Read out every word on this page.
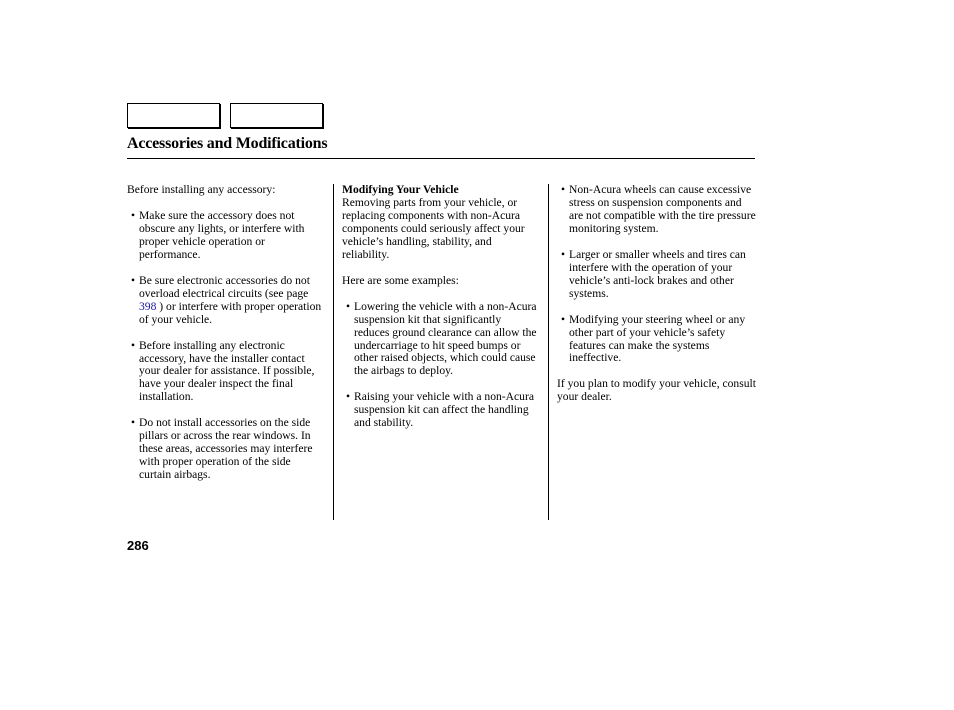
Accessories and Modifications

Before installing any accessory:

• Make sure the accessory does not obscure any lights, or interfere with proper vehicle operation or performance.

• Be sure electronic accessories do not overload electrical circuits (see page 398 ) or interfere with proper operation of your vehicle.

• Before installing any electronic accessory, have the installer contact your dealer for assistance. If possible, have your dealer inspect the final installation.

• Do not install accessories on the side pillars or across the rear windows. In these areas, accessories may interfere with proper operation of the side curtain airbags.

Modifying Your Vehicle

Removing parts from your vehicle, or replacing components with non-Acura components could seriously affect your vehicle’s handling, stability, and reliability.

Here are some examples:

• Lowering the vehicle with a non-Acura suspension kit that significantly reduces ground clearance can allow the undercarriage to hit speed bumps or other raised objects, which could cause the airbags to deploy.

• Raising your vehicle with a non-Acura suspension kit can affect the handling and stability.

• Non-Acura wheels can cause excessive stress on suspension components and are not compatible with the tire pressure monitoring system.

• Larger or smaller wheels and tires can interfere with the operation of your vehicle’s anti-lock brakes and other systems.

• Modifying your steering wheel or any other part of your vehicle’s safety features can make the systems ineffective.

If you plan to modify your vehicle, consult your dealer.

286
